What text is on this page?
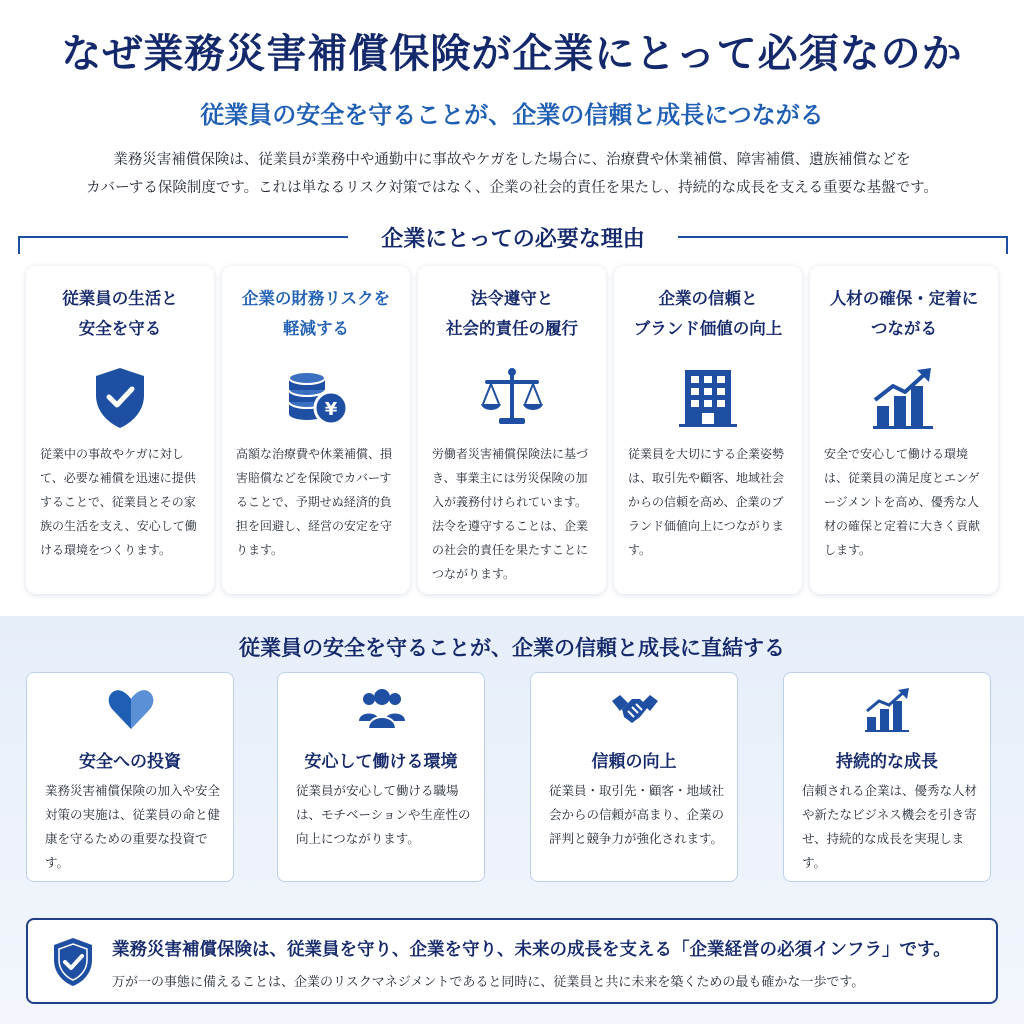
なぜ業務災害補償保険が企業にとって必須なのか
従業員の安全を守ることが、企業の信頼と成長につながる
業務災害補償保険は、従業員が業務中や通勤中に事故やケガをした場合に、治療費や休業補償、障害補償、遺族補償などを
カバーする保険制度です。これは単なるリスク対策ではなく、企業の社会的責任を果たし、持続的な成長を支える重要な基盤です。
企業にとっての必要な理由
従業員の生活と
安全を守る
従業中の事故やケガに対して、必要な補償を迅速に提供することで、従業員とその家族の生活を支え、安心して働ける環境をつくります。
企業の財務リスクを
軽減する
¥
高額な治療費や休業補償、損害賠償などを保険でカバーすることで、予期せぬ経済的負担を回避し、経営の安定を守ります。
法令遵守と
社会的責任の履行
労働者災害補償保険法に基づき、事業主には労災保険の加入が義務付けられています。法令を遵守することは、企業の社会的責任を果たすことにつながります。
企業の信頼と
ブランド価値の向上
従業員を大切にする企業姿勢は、取引先や顧客、地域社会からの信頼を高め、企業のブランド価値向上につながります。
人材の確保・定着に
つながる
安全で安心して働ける環境は、従業員の満足度とエンゲージメントを高め、優秀な人材の確保と定着に大きく貢献します。
従業員の安全を守ることが、企業の信頼と成長に直結する
安全への投資
業務災害補償保険の加入や安全対策の実施は、従業員の命と健康を守るための重要な投資です。
安心して働ける環境
従業員が安心して働ける職場は、モチベーションや生産性の向上につながります。
信頼の向上
従業員・取引先・顧客・地域社会からの信頼が高まり、企業の評判と競争力が強化されます。
持続的な成長
信頼される企業は、優秀な人材や新たなビジネス機会を引き寄せ、持続的な成長を実現します。
業務災害補償保険は、従業員を守り、企業を守り、未来の成長を支える「企業経営の必須インフラ」です。
万が一の事態に備えることは、企業のリスクマネジメントであると同時に、従業員と共に未来を築くための最も確かな一歩です。
